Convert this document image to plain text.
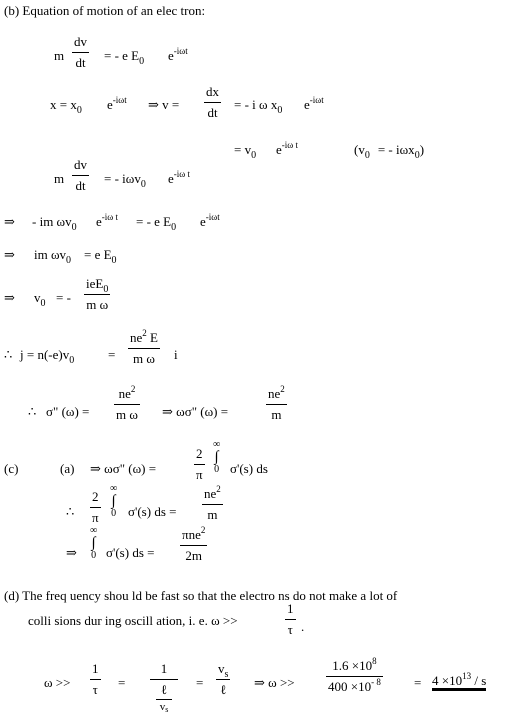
(b) Equation of motion of an elec tron:
m
dv
dt = - e $E_0$ $e^{-i\omega t}$
$x = x_0$ $e^{-i\omega t}$ ⇒ v =
dx
dt
= - i ω $x_0$ $e^{-i\omega t}$
= $v_0$ $e^{-i\omega t}$	($v_0$ = - iωx$_0$)
m
dv
dt = - iωv$_0$ $e^{-i\omega t}$
⇒ - im $\omega v_0$ $e^{-i\omega t}$ = - e $E_0$ $e^{-i\omega t}$
⇒ im $\omega v_0 = e$ $E_0$
⇒ $v_0$ = -
ieE$_0$
m ω
∴ $j = n(-e)v_0$	=
$ne^2$ E
m ω	i
∴ σ" (ω) =
$ne^2$
m ω ⇒ ωσ" (ω) =
$ne^2$
m
(c)	(a) ⇒ ωσ" (ω) =
2
π
∞
∫
0 σ'(s) ds
∴
2
π
∞
∫
0 σ'(s) ds =
$ne^2$
m
⇒
∞
∫
0 σ'(s) ds =
πne$^2$
2m
(d) The freq uency shou ld be fast so that the electro ns do not make a lot of
colli sions dur ing oscill ation, i. e. ω >>
1
τ .
ω >>
1
τ =
1
ℓ
vs
=
$v_s$
ℓ	⇒ ω >>
$1.6 \times 10^8$
$400 \times 10^{- 8}$	= $4 \times 10^{13} / s$
